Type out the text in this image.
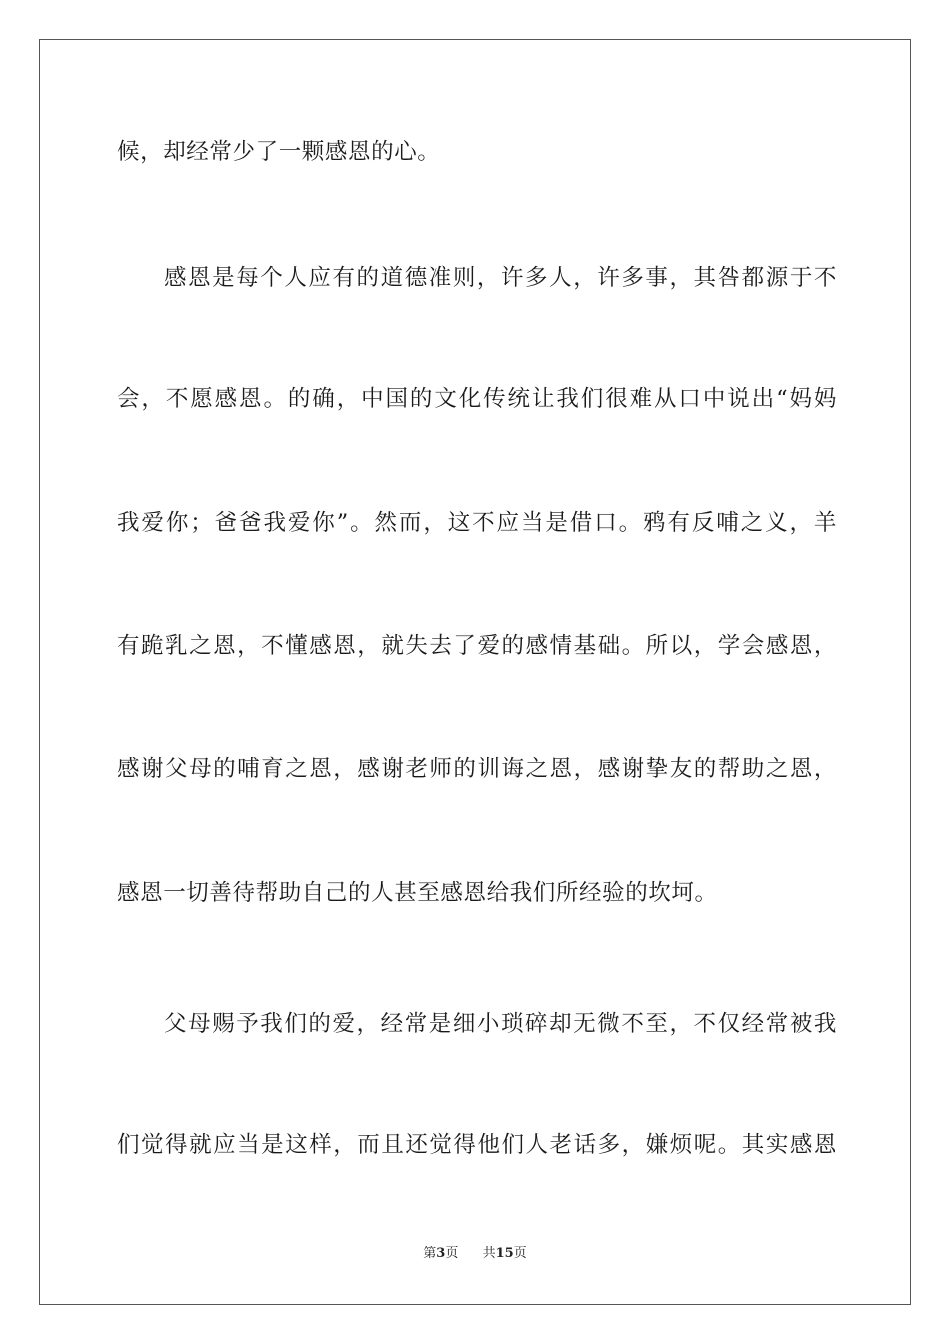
候，却经常少了一颗感恩的心。
感恩是每个人应有的道德准则，许多人，许多事，其咎都源于不
会，不愿感恩。的确，中国的文化传统让我们很难从口中说出“妈妈
我爱你；爸爸我爱你”。然而，这不应当是借口。鸦有反哺之义，羊
有跪乳之恩，不懂感恩，就失去了爱的感情基础。所以，学会感恩，
感谢父母的哺育之恩，感谢老师的训诲之恩，感谢挚友的帮助之恩，
感恩一切善待帮助自己的人甚至感恩给我们所经验的坎坷。
父母赐予我们的爱，经常是细小琐碎却无微不至，不仅经常被我
们觉得就应当是这样，而且还觉得他们人老话多，嫌烦呢。其实感恩
第3页 共15页
